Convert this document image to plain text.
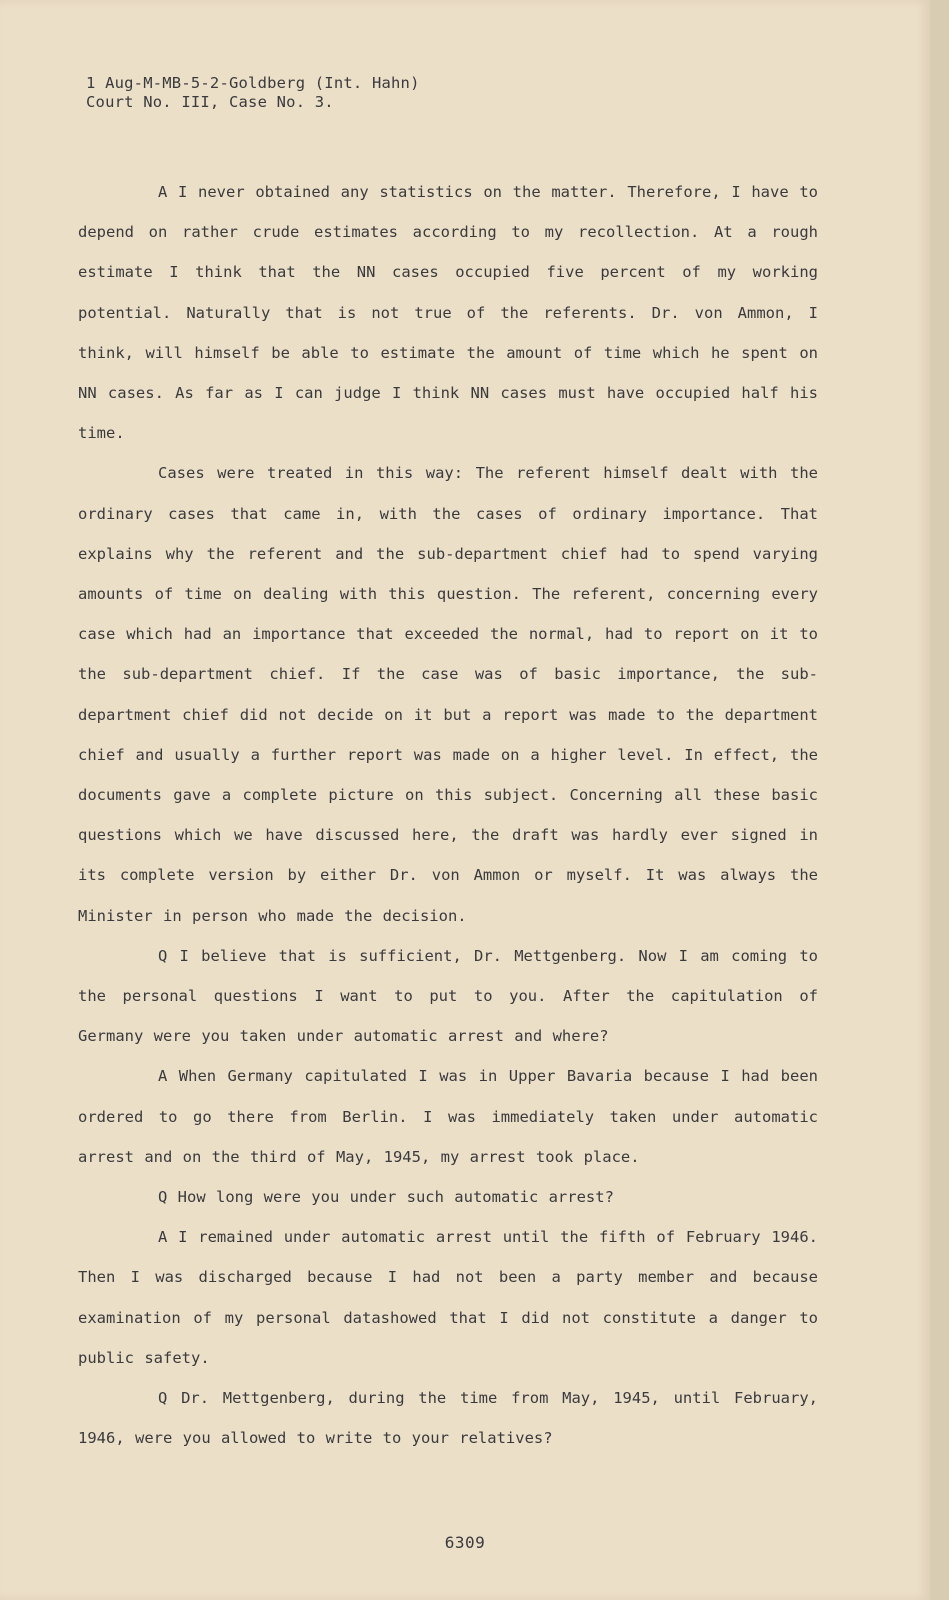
1 Aug-M-MB-5-2-Goldberg (Int. Hahn)
Court No. III, Case No. 3.

A I never obtained any statistics on the matter. Therefore, I have to depend on rather crude estimates according to my recollection. At a rough estimate I think that the NN cases occupied five percent of my working potential. Naturally that is not true of the referents. Dr. von Ammon, I think, will himself be able to estimate the amount of time which he spent on NN cases. As far as I can judge I think NN cases must have occupied half his time.

Cases were treated in this way: The referent himself dealt with the ordinary cases that came in, with the cases of ordinary importance. That explains why the referent and the sub-department chief had to spend varying amounts of time on dealing with this question. The referent, concerning every case which had an importance that exceeded the normal, had to report on it to the sub-department chief. If the case was of basic importance, the sub-department chief did not decide on it but a report was made to the department chief and usually a further report was made on a higher level. In effect, the documents gave a complete picture on this subject. Concerning all these basic questions which we have discussed here, the draft was hardly ever signed in its complete version by either Dr. von Ammon or myself. It was always the Minister in person who made the decision.

Q I believe that is sufficient, Dr. Mettgenberg. Now I am coming to the personal questions I want to put to you. After the capitulation of Germany were you taken under automatic arrest and where?

A When Germany capitulated I was in Upper Bavaria because I had been ordered to go there from Berlin. I was immediately taken under automatic arrest and on the third of May, 1945, my arrest took place.

Q How long were you under such automatic arrest?

A I remained under automatic arrest until the fifth of February 1946. Then I was discharged because I had not been a party member and because examination of my personal datashowed that I did not constitute a danger to public safety.

Q Dr. Mettgenberg, during the time from May, 1945, until February, 1946, were you allowed to write to your relatives?

6309
